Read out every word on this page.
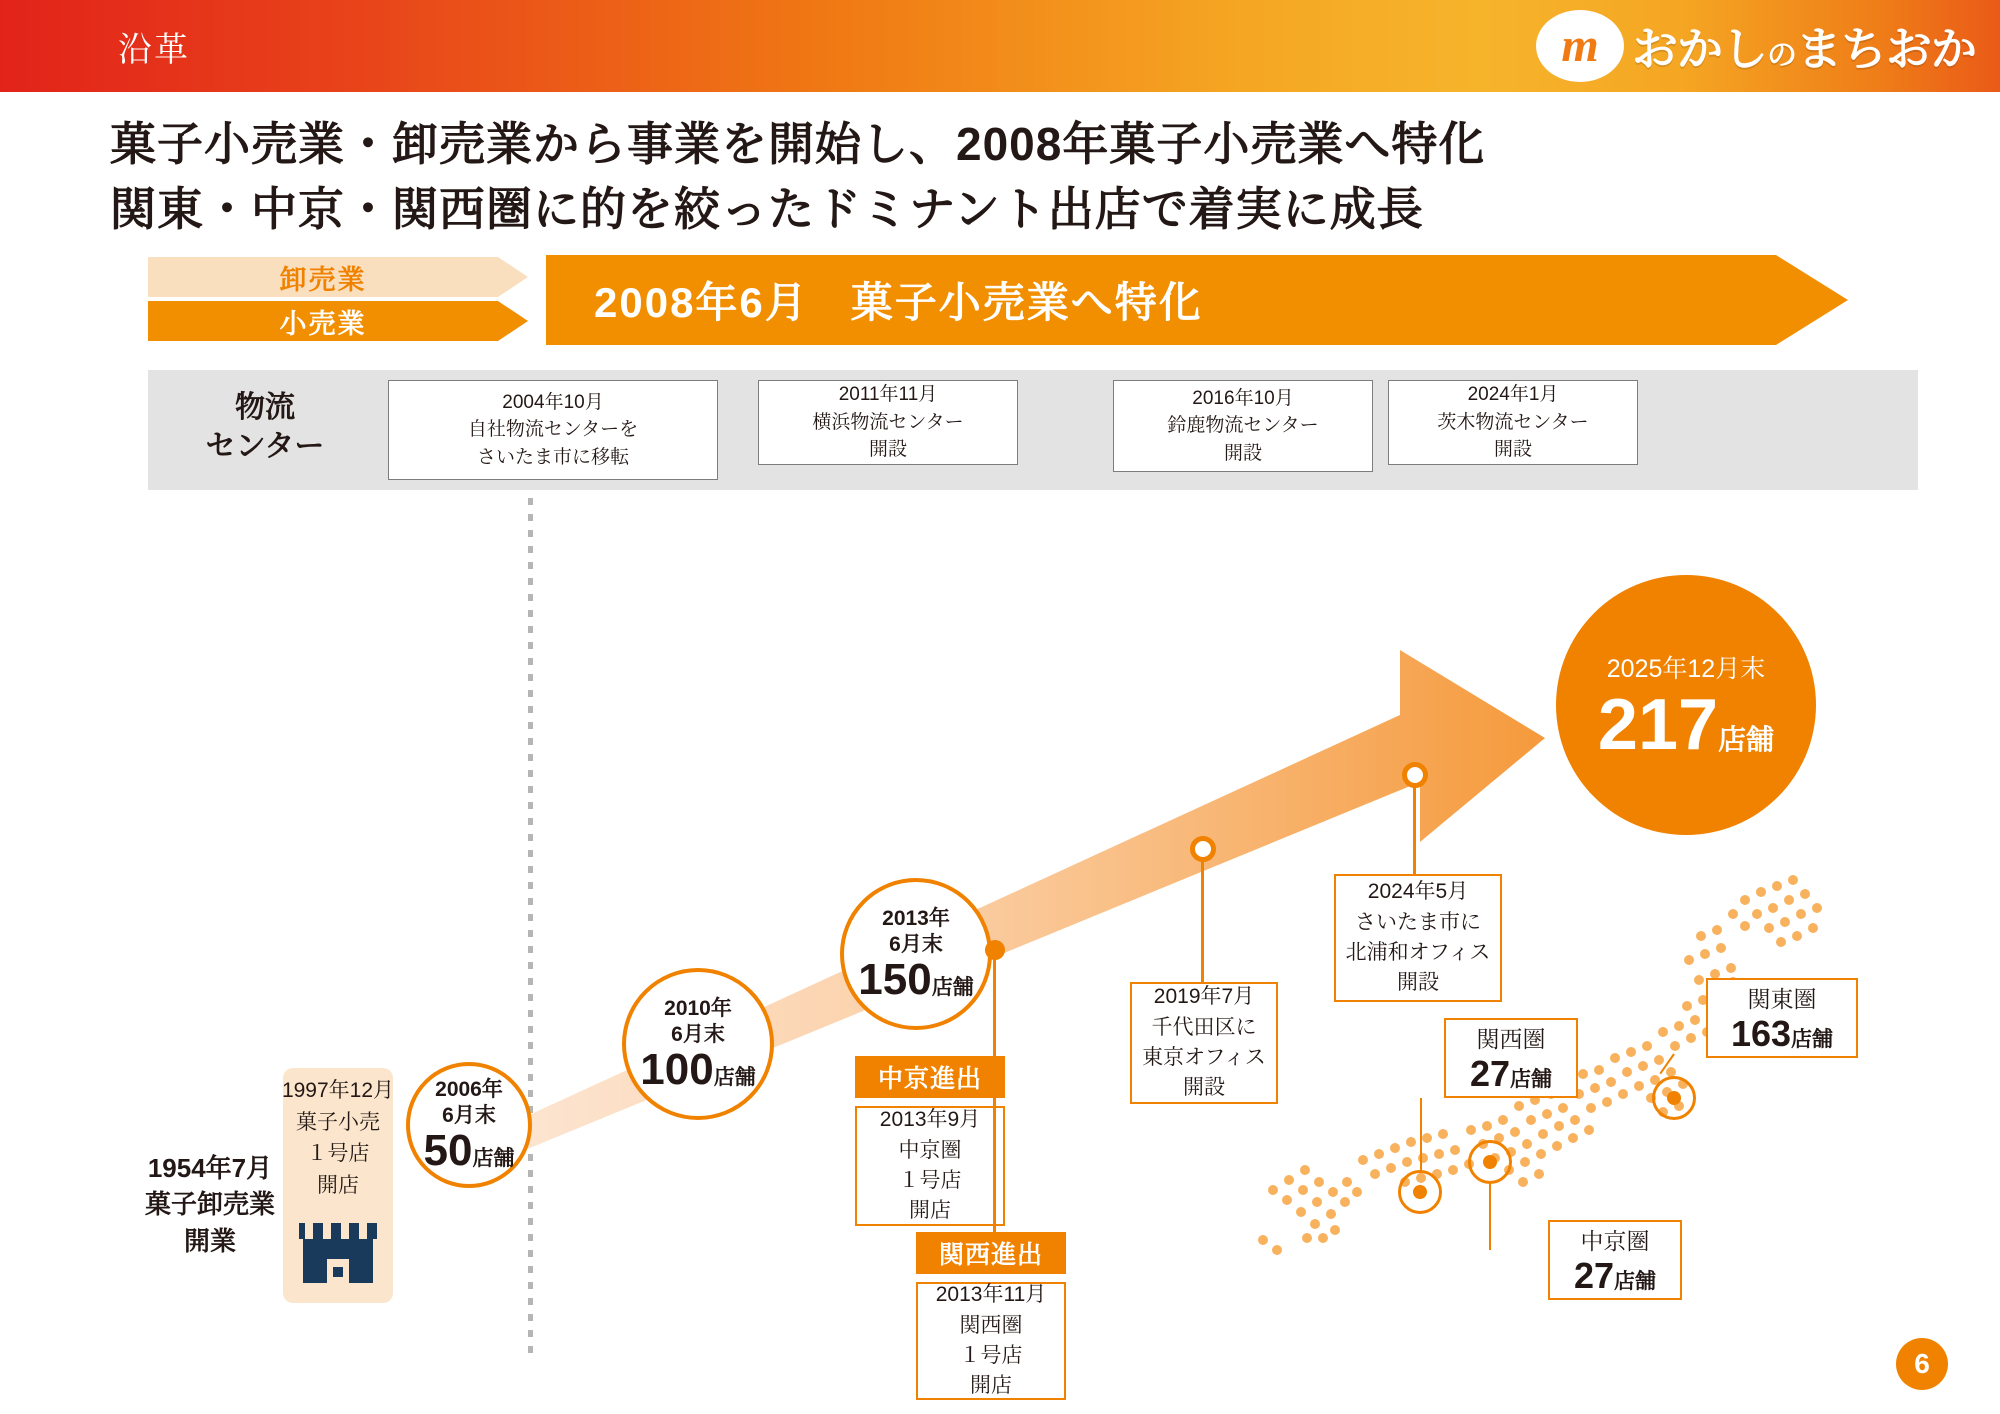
沿革	m おかしのまちおか
菓子小売業・卸売業から事業を開始し、2008年菓子小売業へ特化
関東・中京・関西圏に的を絞ったドミナント出店で着実に成長
卸売業
小売業	2008年6月 菓子小売業へ特化
物流
センター
2004年10月
自社物流センターを
さいたま市に移転
2011年11月
横浜物流センター
開設
2016年10月
鈴鹿物流センター
開設
2024年1月
茨木物流センター
開設
1954年7月
菓子卸売業
開業
1997年12月
菓子小売
１号店
開店
2006年
6月末
50店舗
2010年
6月末
100店舗
2013年
6月末
150店舗
2025年12月末
217店舗
中京進出
2013年9月
中京圏
１号店
開店
関西進出
2013年11月
関西圏
１号店
開店
2019年7月
千代田区に
東京オフィス
開設
2024年5月
さいたま市に
北浦和オフィス
開設
関西圏
27店舗
中京圏
27店舗
関東圏
163店舗
6
